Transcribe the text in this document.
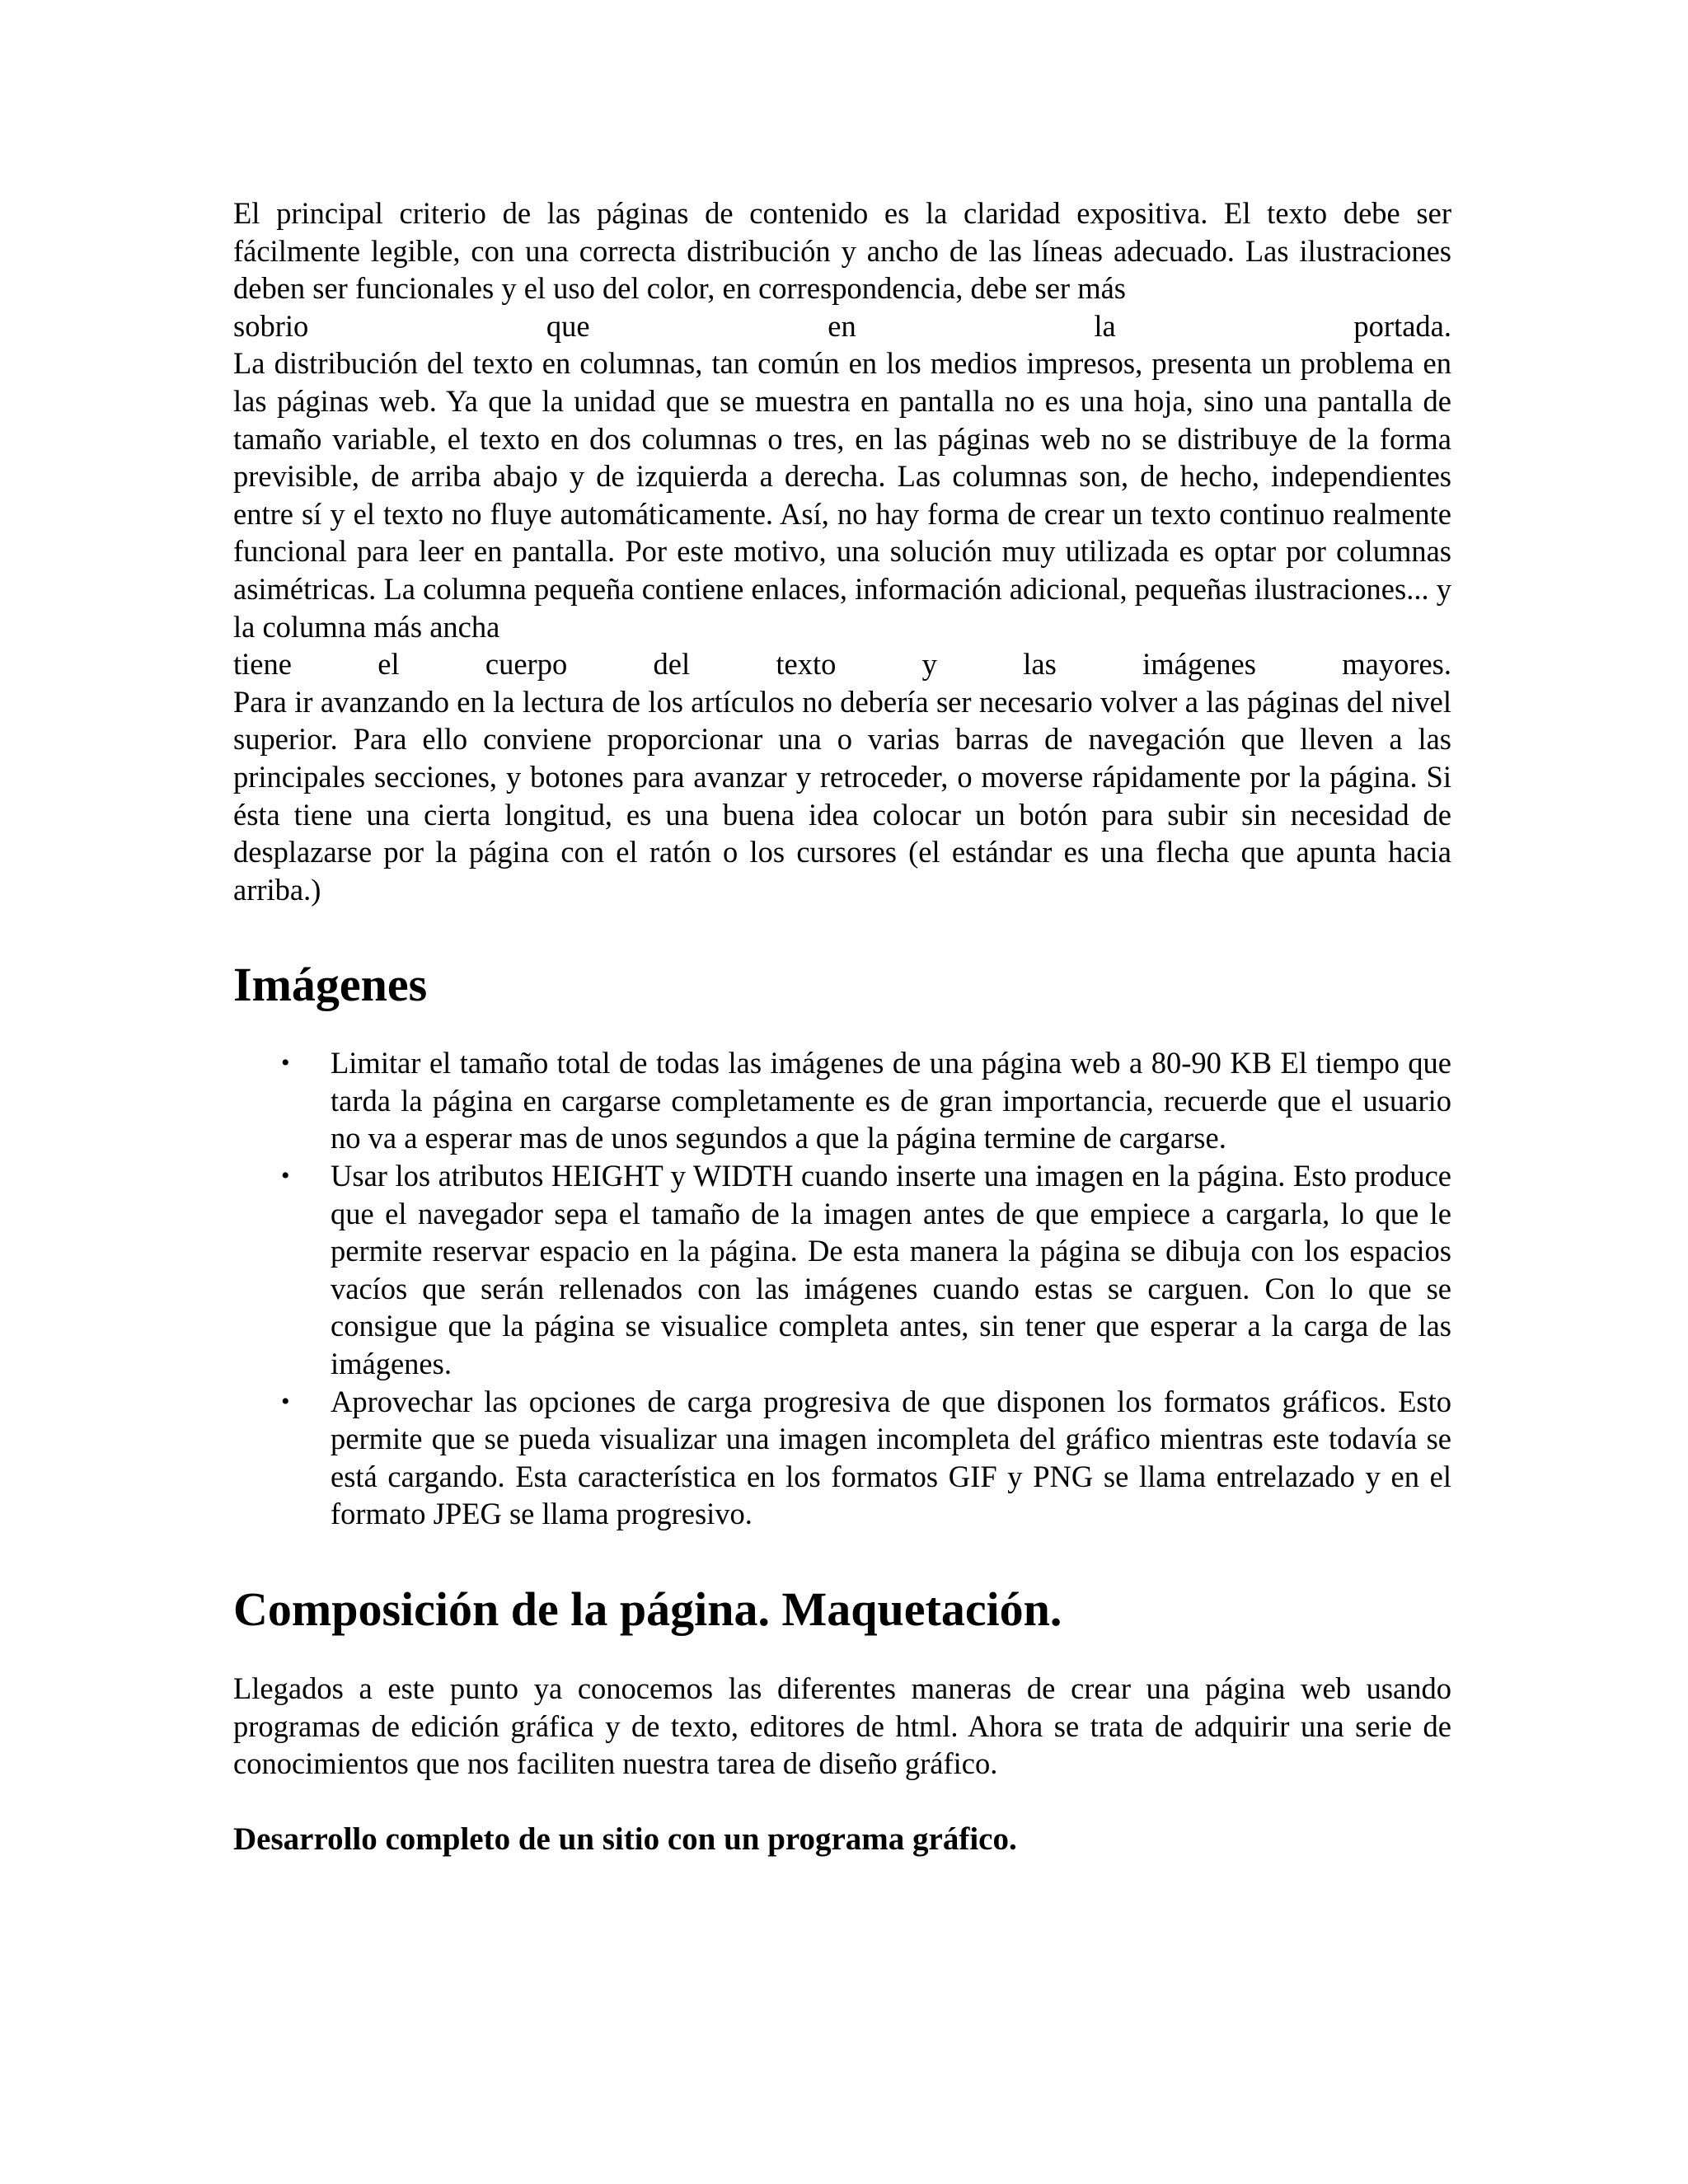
El principal criterio de las páginas de contenido es la claridad expositiva. El texto debe ser fácilmente legible, con una correcta distribución y ancho de las líneas adecuado. Las ilustraciones deben ser funcionales y el uso del color, en correspondencia, debe ser más
sobrio que en la portada.
La distribución del texto en columnas, tan común en los medios impresos, presenta un problema en las páginas web. Ya que la unidad que se muestra en pantalla no es una hoja, sino una pantalla de tamaño variable, el texto en dos columnas o tres, en las páginas web no se distribuye de la forma previsible, de arriba abajo y de izquierda a derecha. Las columnas son, de hecho, independientes entre sí y el texto no fluye automáticamente. Así, no hay forma de crear un texto continuo realmente funcional para leer en pantalla. Por este motivo, una solución muy utilizada es optar por columnas asimétricas. La columna pequeña contiene enlaces, información adicional, pequeñas ilustraciones... y la columna más ancha
tiene el cuerpo del texto y las imágenes mayores.
Para ir avanzando en la lectura de los artículos no debería ser necesario volver a las páginas del nivel superior. Para ello conviene proporcionar una o varias barras de navegación que lleven a las principales secciones, y botones para avanzar y retroceder, o moverse rápidamente por la página. Si ésta tiene una cierta longitud, es una buena idea colocar un botón para subir sin necesidad de desplazarse por la página con el ratón o los cursores (el estándar es una flecha que apunta hacia arriba.)
Imágenes
• Limitar el tamaño total de todas las imágenes de una página web a 80-90 KB El tiempo que tarda la página en cargarse completamente es de gran importancia, recuerde que el usuario no va a esperar mas de unos segundos a que la página termine de cargarse.
• Usar los atributos HEIGHT y WIDTH cuando inserte una imagen en la página. Esto produce que el navegador sepa el tamaño de la imagen antes de que empiece a cargarla, lo que le permite reservar espacio en la página. De esta manera la página se dibuja con los espacios vacíos que serán rellenados con las imágenes cuando estas se carguen. Con lo que se consigue que la página se visualice completa antes, sin tener que esperar a la carga de las imágenes.
• Aprovechar las opciones de carga progresiva de que disponen los formatos gráficos. Esto permite que se pueda visualizar una imagen incompleta del gráfico mientras este todavía se está cargando. Esta característica en los formatos GIF y PNG se llama entrelazado y en el formato JPEG se llama progresivo.
Composición de la página. Maquetación.

Llegados a este punto ya conocemos las diferentes maneras de crear una página web usando programas de edición gráfica y de texto, editores de html. Ahora se trata de adquirir una serie de conocimientos que nos faciliten nuestra tarea de diseño gráfico.

Desarrollo completo de un sitio con un programa gráfico.
